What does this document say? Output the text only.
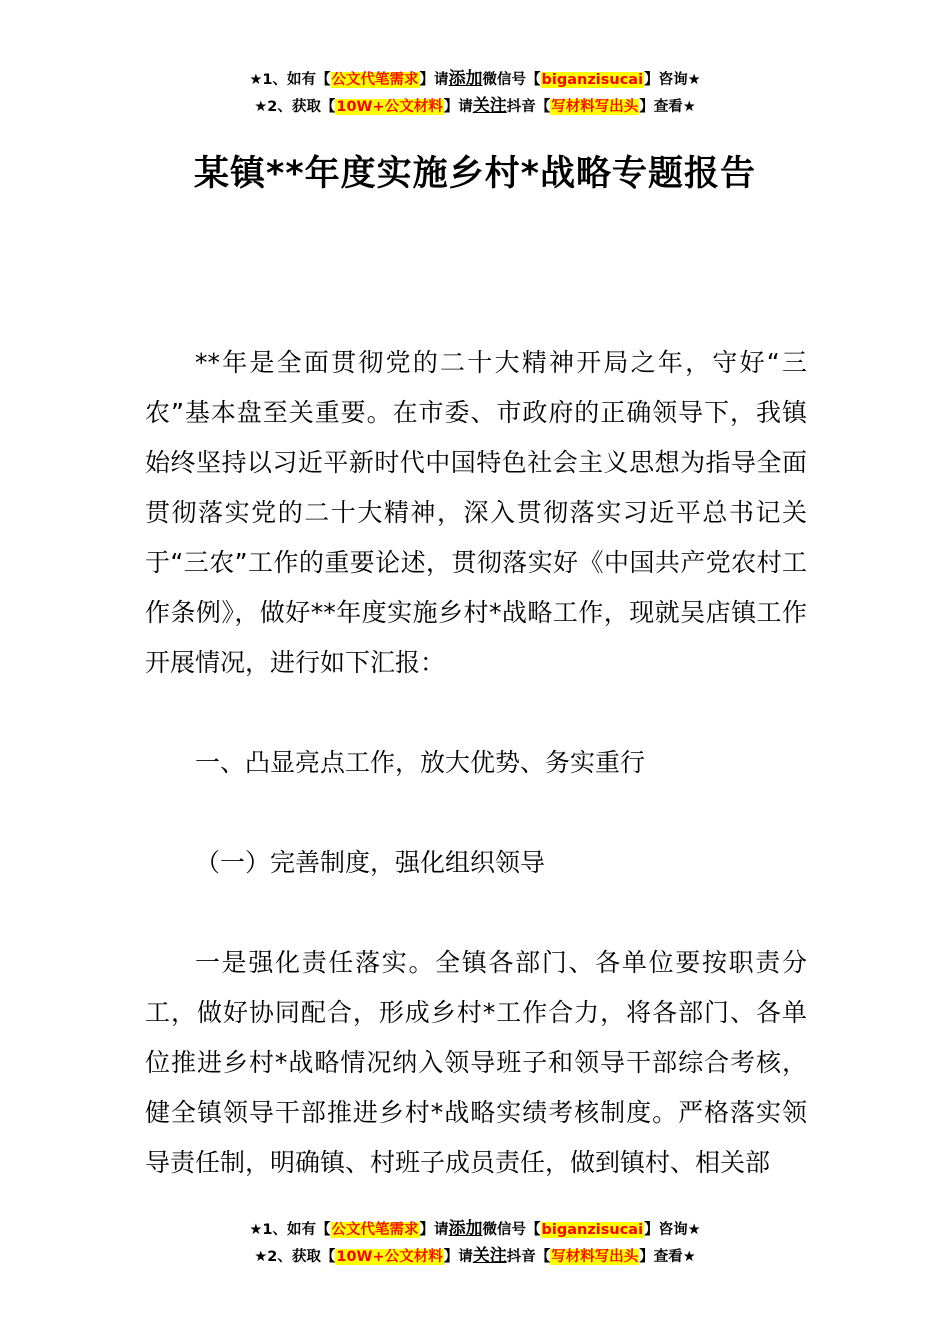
★1、如有【公文代笔需求】请添加微信号【biganzisucai】咨询★
★2、获取【10W+公文材料】请关注抖音【写材料写出头】查看★
某镇**年度实施乡村*战略专题报告

**年是全面贯彻党的二十大精神开局之年，守好“三农”基本盘至关重要。在市委、市政府的正确领导下，我镇始终坚持以习近平新时代中国特色社会主义思想为指导全面贯彻落实党的二十大精神，深入贯彻落实习近平总书记关于“三农”工作的重要论述，贯彻落实好《中国共产党农村工作条例》，做好**年度实施乡村*战略工作，现就吴店镇工作开展情况，进行如下汇报：

一、凸显亮点工作，放大优势、务实重行

（一）完善制度，强化组织领导

一是强化责任落实。全镇各部门、各单位要按职责分工，做好协同配合，形成乡村*工作合力，将各部门、各单位推进乡村*战略情况纳入领导班子和领导干部综合考核，健全镇领导干部推进乡村*战略实绩考核制度。严格落实领导责任制，明确镇、村班子成员责任，做到镇村、相关部

★1、如有【公文代笔需求】请添加微信号【biganzisucai】咨询★
★2、获取【10W+公文材料】请关注抖音【写材料写出头】查看★
